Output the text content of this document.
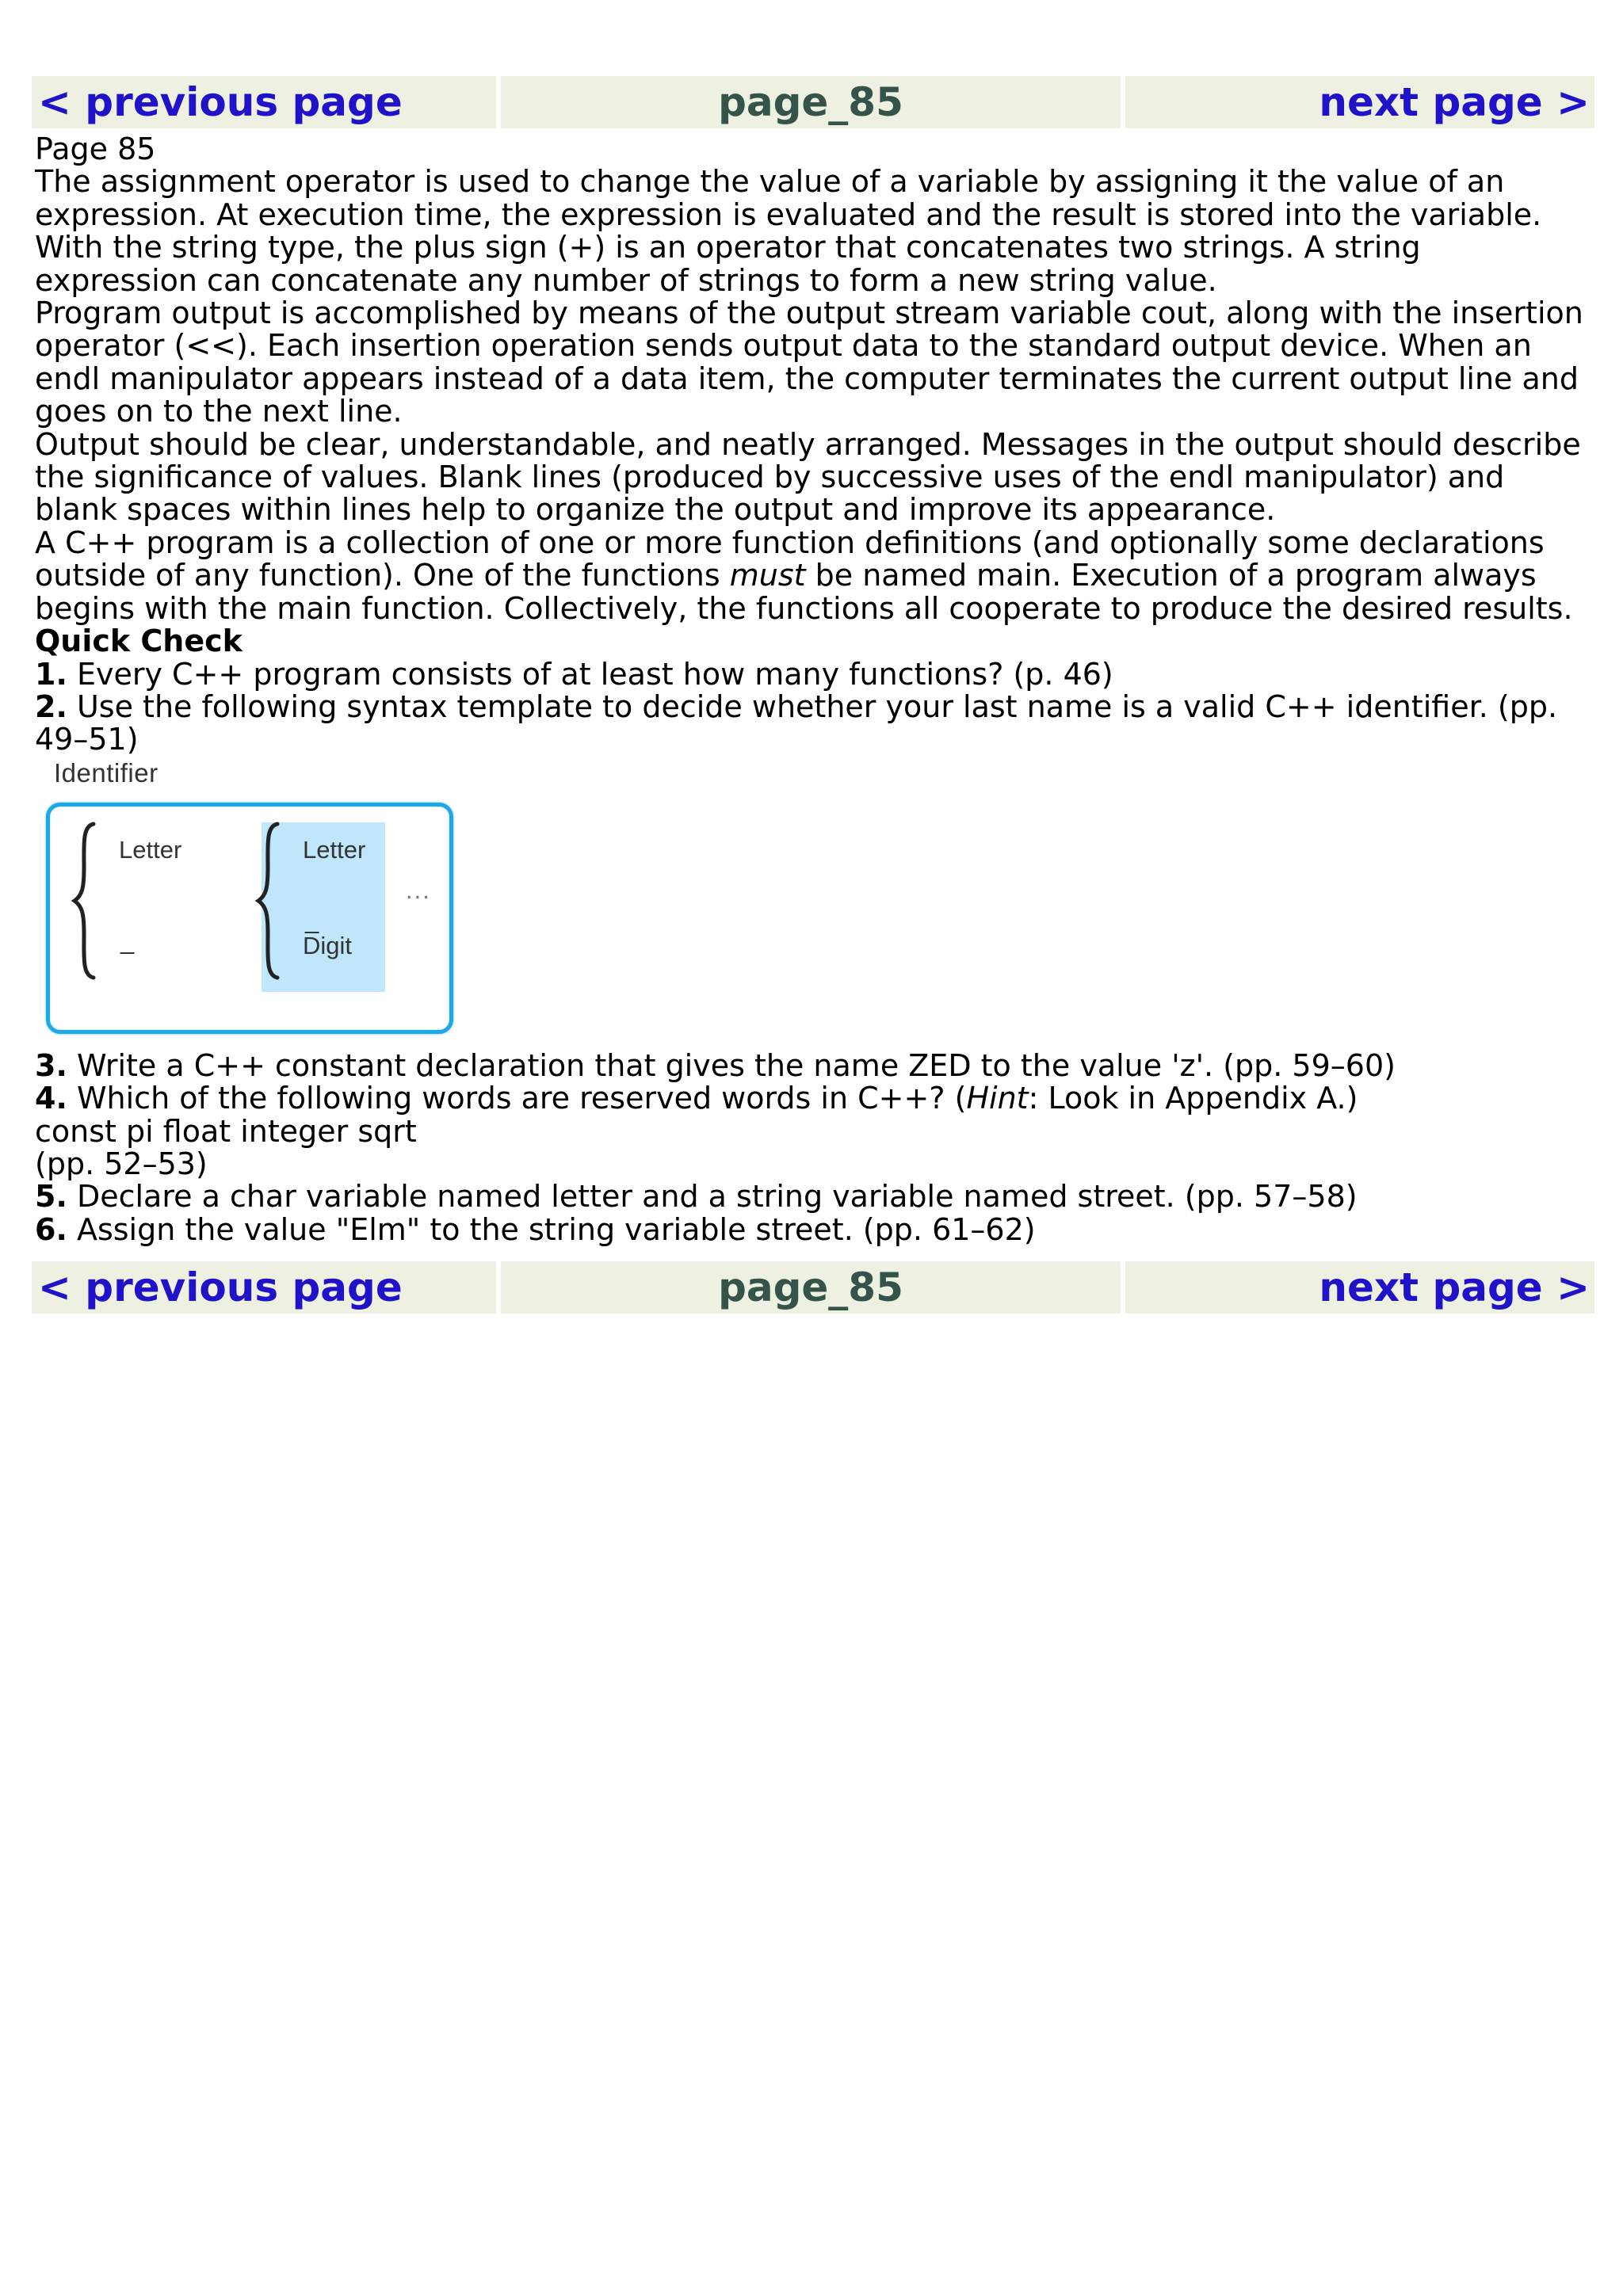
< previous page	page_85	next page >

Page 85

The assignment operator is used to change the value of a variable by assigning it the value of an expression. At execution time, the expression is evaluated and the result is stored into the variable. With the string type, the plus sign (+) is an operator that concatenates two strings. A string expression can concatenate any number of strings to form a new string value.

Program output is accomplished by means of the output stream variable cout, along with the insertion operator (<<). Each insertion operation sends output data to the standard output device. When an endl manipulator appears instead of a data item, the computer terminates the current output line and goes on to the next line.

Output should be clear, understandable, and neatly arranged. Messages in the output should describe the significance of values. Blank lines (produced by successive uses of the endl manipulator) and blank spaces within lines help to organize the output and improve its appearance.

A C++ program is a collection of one or more function definitions (and optionally some declarations outside of any function). One of the functions must be named main. Execution of a program always begins with the main function. Collectively, the functions all cooperate to produce the desired results.

Quick Check

1. Every C++ program consists of at least how many functions? (p. 46)

2. Use the following syntax template to decide whether your last name is a valid C++ identifier. (pp. 49–51)

Identifier
Letter
_
Letter
_
Digit
...

3. Write a C++ constant declaration that gives the name ZED to the value 'z'. (pp. 59–60)

4. Which of the following words are reserved words in C++? (Hint: Look in Appendix A.)

const pi float integer sqrt

(pp. 52–53)

5. Declare a char variable named letter and a string variable named street. (pp. 57–58)

6. Assign the value "Elm" to the string variable street. (pp. 61–62)

< previous page	page_85	next page >
